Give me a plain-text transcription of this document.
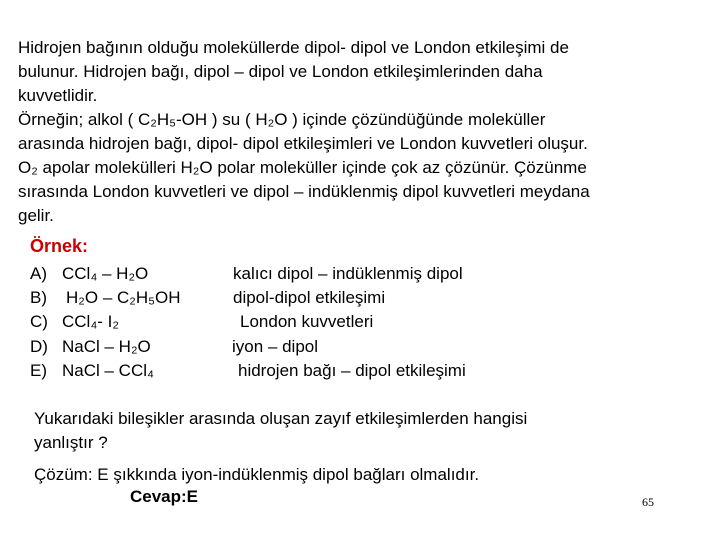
Hidrojen bağının olduğu moleküllerde dipol- dipol ve London etkileşimi de
bulunur. Hidrojen bağı, dipol – dipol ve London etkileşimlerinden daha
kuvvetlidir.
Örneğin; alkol ( C₂H₅-OH ) su ( H₂O ) içinde çözündüğünde moleküller
arasında hidrojen bağı, dipol- dipol etkileşimleri ve London kuvvetleri oluşur.
O₂ apolar molekülleri H₂O polar moleküller içinde çok az çözünür. Çözünme
sırasında London kuvvetleri ve dipol – indüklenmiş dipol kuvvetleri meydana
gelir.
Örnek:
A) CCl₄ – H₂O	kalıcı dipol – indüklenmiş dipol
B)	H₂O – C₂H₅OH	dipol-dipol etkileşimi
C) CCl₄- I₂	London kuvvetleri
D) NaCl – H₂O	iyon – dipol
E) NaCl – CCl₄	hidrojen bağı – dipol etkileşimi
Yukarıdaki bileşikler arasında oluşan zayıf etkileşimlerden hangisi
yanlıştır ?
Çözüm: E şıkkında iyon-indüklenmiş dipol bağları olmalıdır.
Cevap:E	65
